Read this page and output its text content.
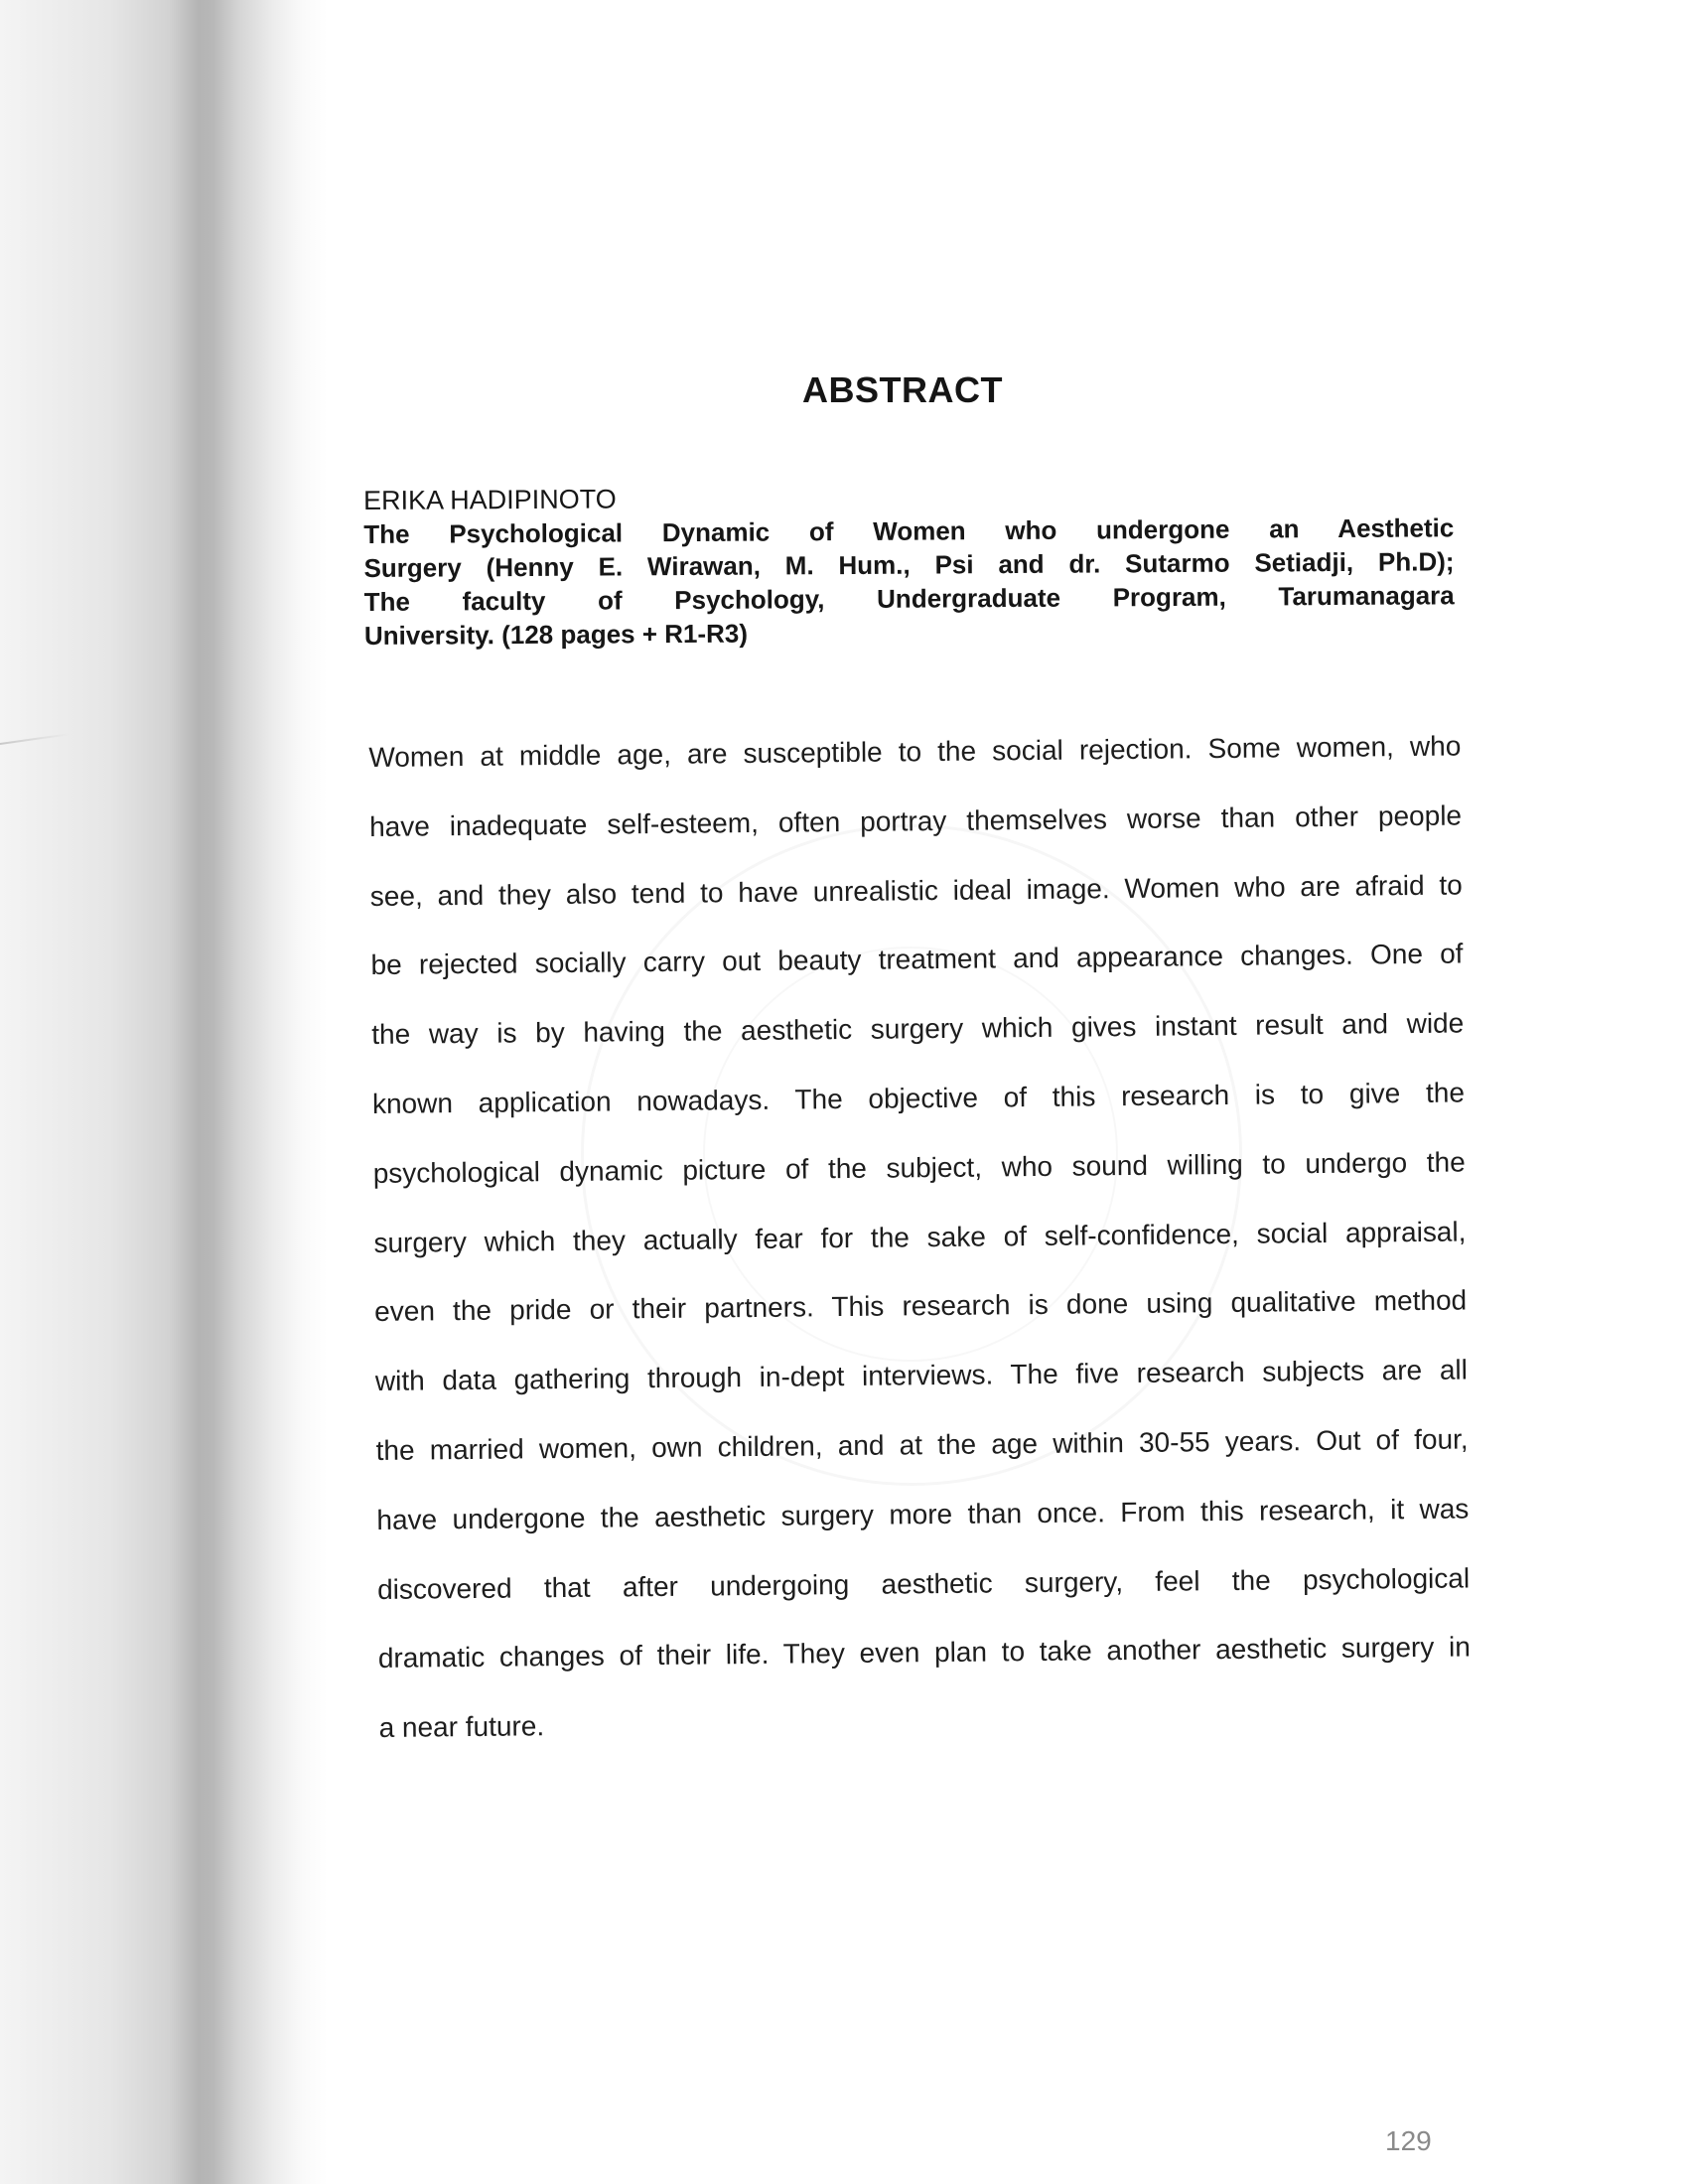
ABSTRACT
ERIKA HADIPINOTO
The Psychological Dynamic of Women who undergone an Aesthetic
Surgery (Henny E. Wirawan, M. Hum., Psi and dr. Sutarmo Setiadji, Ph.D);
The faculty of Psychology, Undergraduate Program, Tarumanagara
University. (128 pages + R1-R3)
Women at middle age, are susceptible to the social rejection. Some women, who
have inadequate self-esteem, often portray themselves worse than other people
see, and they also tend to have unrealistic ideal image. Women who are afraid to
be rejected socially carry out beauty treatment and appearance changes. One of
the way is by having the aesthetic surgery which gives instant result and wide
known application nowadays. The objective of this research is to give the
psychological dynamic picture of the subject, who sound willing to undergo the
surgery which they actually fear for the sake of self-confidence, social appraisal,
even the pride or their partners. This research is done using qualitative method
with data gathering through in-dept interviews. The five research subjects are all
the married women, own children, and at the age within 30-55 years. Out of four,
have undergone the aesthetic surgery more than once. From this research, it was
discovered that after undergoing aesthetic surgery, feel the psychological
dramatic changes of their life. They even plan to take another aesthetic surgery in
a near future.
129
